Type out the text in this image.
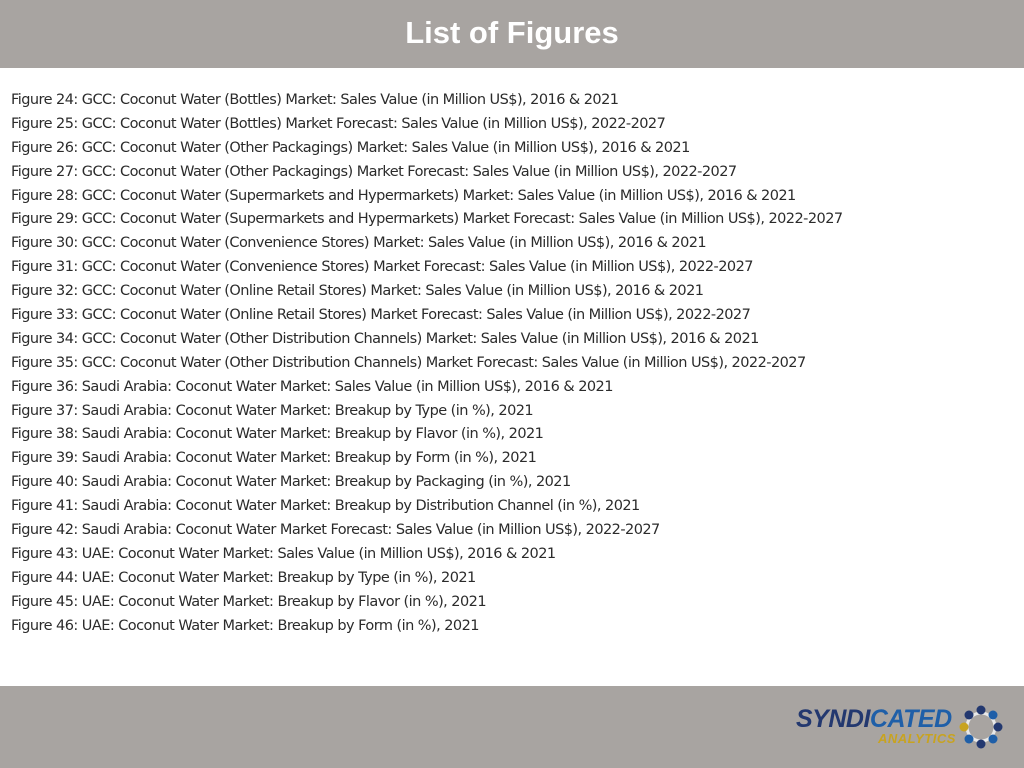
List of Figures
Figure 24: GCC: Coconut Water (Bottles) Market: Sales Value (in Million US$), 2016 & 2021
Figure 25: GCC: Coconut Water (Bottles) Market Forecast: Sales Value (in Million US$), 2022-2027
Figure 26: GCC: Coconut Water (Other Packagings) Market: Sales Value (in Million US$), 2016 & 2021
Figure 27: GCC: Coconut Water (Other Packagings) Market Forecast: Sales Value (in Million US$), 2022-2027
Figure 28: GCC: Coconut Water (Supermarkets and Hypermarkets) Market: Sales Value (in Million US$), 2016 & 2021
Figure 29: GCC: Coconut Water (Supermarkets and Hypermarkets) Market Forecast: Sales Value (in Million US$), 2022-2027
Figure 30: GCC: Coconut Water (Convenience Stores) Market: Sales Value (in Million US$), 2016 & 2021
Figure 31: GCC: Coconut Water (Convenience Stores) Market Forecast: Sales Value (in Million US$), 2022-2027
Figure 32: GCC: Coconut Water (Online Retail Stores) Market: Sales Value (in Million US$), 2016 & 2021
Figure 33: GCC: Coconut Water (Online Retail Stores) Market Forecast: Sales Value (in Million US$), 2022-2027
Figure 34: GCC: Coconut Water (Other Distribution Channels) Market: Sales Value (in Million US$), 2016 & 2021
Figure 35: GCC: Coconut Water (Other Distribution Channels) Market Forecast: Sales Value (in Million US$), 2022-2027
Figure 36: Saudi Arabia: Coconut Water Market: Sales Value (in Million US$), 2016 & 2021
Figure 37: Saudi Arabia: Coconut Water Market: Breakup by Type (in %), 2021
Figure 38: Saudi Arabia: Coconut Water Market: Breakup by Flavor (in %), 2021
Figure 39: Saudi Arabia: Coconut Water Market: Breakup by Form (in %), 2021
Figure 40: Saudi Arabia: Coconut Water Market: Breakup by Packaging (in %), 2021
Figure 41: Saudi Arabia: Coconut Water Market: Breakup by Distribution Channel (in %), 2021
Figure 42: Saudi Arabia: Coconut Water Market Forecast: Sales Value (in Million US$), 2022-2027
Figure 43: UAE: Coconut Water Market: Sales Value (in Million US$), 2016 & 2021
Figure 44: UAE: Coconut Water Market: Breakup by Type (in %), 2021
Figure 45: UAE: Coconut Water Market: Breakup by Flavor (in %), 2021
Figure 46: UAE: Coconut Water Market: Breakup by Form (in %), 2021
SYNDICATED
ANALYTICS
